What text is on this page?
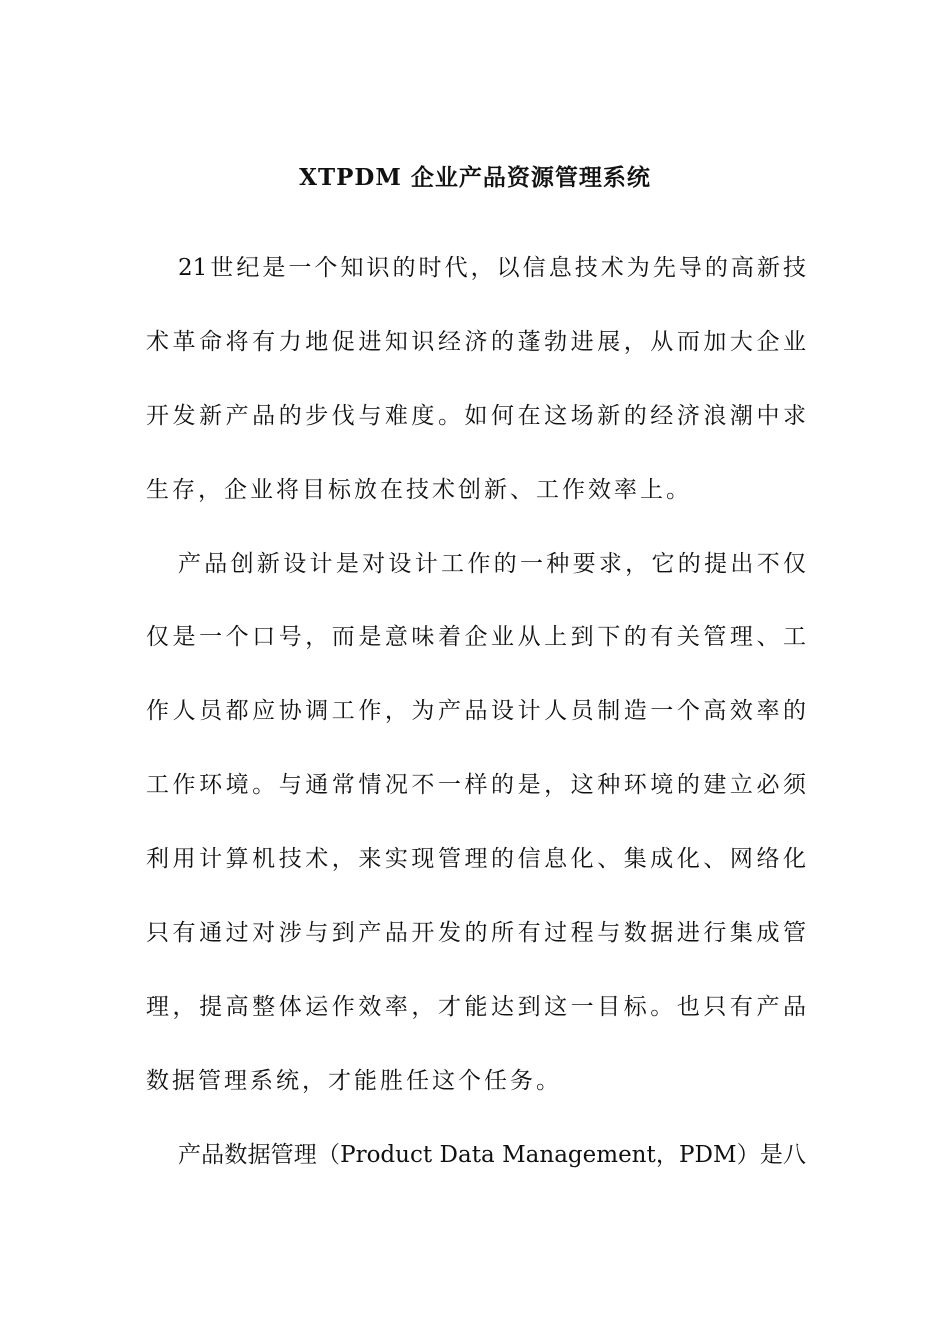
XTPDM 企业产品资源管理系统
21世纪是一个知识的时代，以信息技术为先导的高新技
术革命将有力地促进知识经济的蓬勃进展，从而加大企业
开发新产品的步伐与难度。如何在这场新的经济浪潮中求
生存，企业将目标放在技术创新、工作效率上。
产品创新设计是对设计工作的一种要求，它的提出不仅
仅是一个口号，而是意味着企业从上到下的有关管理、工
作人员都应协调工作，为产品设计人员制造一个高效率的
工作环境。与通常情况不一样的是，这种环境的建立必须
利用计算机技术，来实现管理的信息化、集成化、网络化
只有通过对涉与到产品开发的所有过程与数据进行集成管
理，提高整体运作效率，才能达到这一目标。也只有产品
数据管理系统，才能胜任这个任务。
产品数据管理（Product Data Management，PDM）是八
